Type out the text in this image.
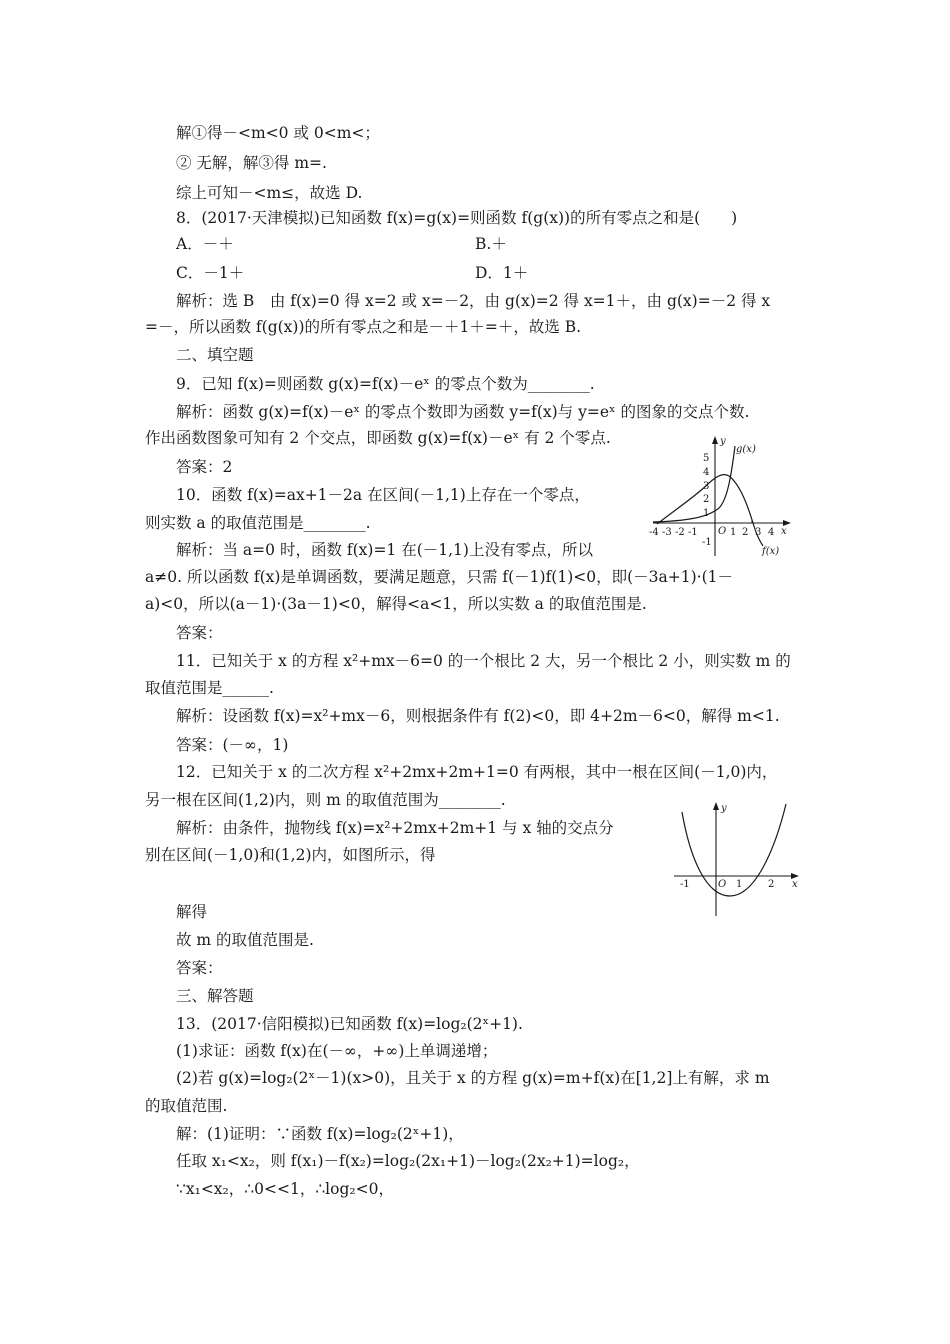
解①得－<m<0 或 0<m<；
② 无解，解③得 m=.
综上可知－<m≤，故选 D.
8．(2017·天津模拟)已知函数 f(x)=g(x)=则函数 f(g(x))的所有零点之和是(　　)
A．－＋	B.＋
C．－1＋	D．1＋
解析：选 B　由 f(x)=0 得 x=2 或 x=－2，由 g(x)=2 得 x=1＋，由 g(x)=－2 得 x
=－，所以函数 f(g(x))的所有零点之和是－＋1＋=＋，故选 B.
二、填空题
9．已知 f(x)=则函数 g(x)=f(x)－eˣ 的零点个数为________.
解析：函数 g(x)=f(x)－eˣ 的零点个数即为函数 y=f(x)与 y=eˣ 的图象的交点个数.
作出函数图象可知有 2 个交点，即函数 g(x)=f(x)－eˣ 有 2 个零点.
答案：2
10．函数 f(x)=ax+1－2a 在区间(－1,1)上存在一个零点，
则实数 a 的取值范围是________.
解析：当 a=0 时，函数 f(x)=1 在(－1,1)上没有零点，所以
a≠0. 所以函数 f(x)是单调函数，要满足题意，只需 f(－1)f(1)<0，即(－3a+1)·(1－
a)<0，所以(a－1)·(3a－1)<0，解得<a<1，所以实数 a 的取值范围是.
答案：
11．已知关于 x 的方程 x²+mx－6=0 的一个根比 2 大，另一个根比 2 小，则实数 m 的
取值范围是______.
解析：设函数 f(x)=x²+mx－6，则根据条件有 f(2)<0，即 4+2m－6<0，解得 m<1.
答案：(－∞，1)
12．已知关于 x 的二次方程 x²+2mx+2m+1=0 有两根，其中一根在区间(－1,0)内，
另一根在区间(1,2)内，则 m 的取值范围为________.
解析：由条件，抛物线 f(x)=x²+2mx+2m+1 与 x 轴的交点分
别在区间(－1,0)和(1,2)内，如图所示，得
解得
故 m 的取值范围是.
答案：
三、解答题
13．(2017·信阳模拟)已知函数 f(x)=log₂(2ˣ+1).
(1)求证：函数 f(x)在(－∞，+∞)上单调递增；
(2)若 g(x)=log₂(2ˣ－1)(x>0)，且关于 x 的方程 g(x)=m+f(x)在[1,2]上有解，求 m
的取值范围.
解：(1)证明：∵函数 f(x)=log₂(2ˣ+1)，
任取 x₁<x₂，则 f(x₁)－f(x₂)=log₂(2x₁+1)－log₂(2x₂+1)=log₂，
∵x₁<x₂，∴0<<1，∴log₂<0，
y
x
O
5
4
3
2
1
-1
-4 -3 -2 -1	1 2 3 4
g(x)
f(x)
y
x
O
-1	1	2
